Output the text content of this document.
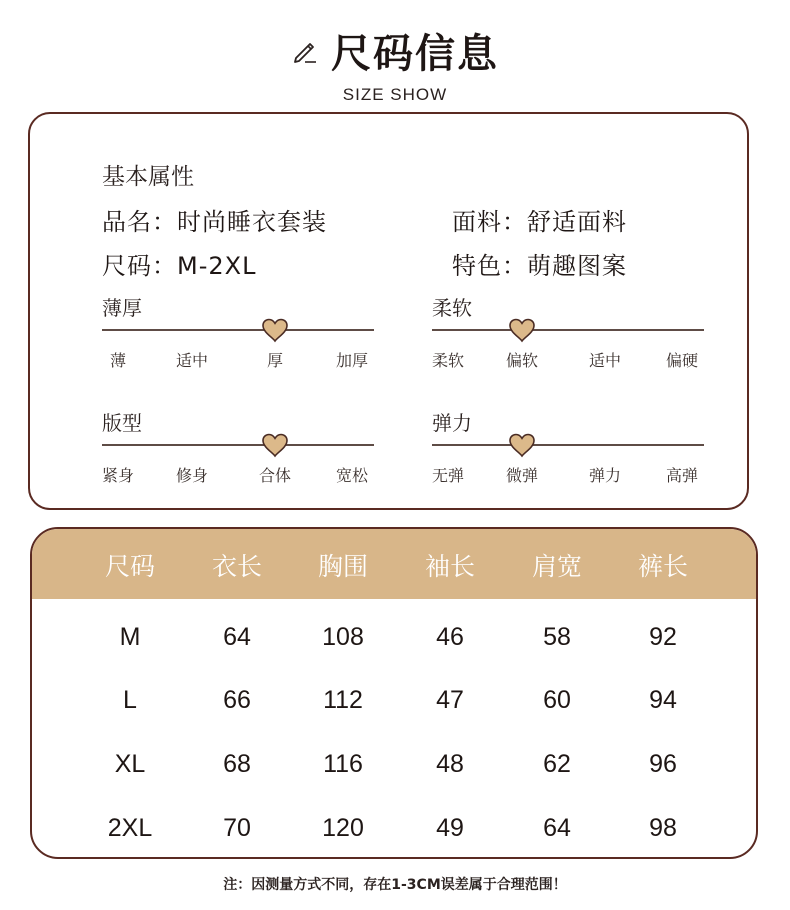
尺码信息
SIZE SHOW
基本属性
品名：时尚睡衣套装	面料：舒适面料
尺码：M-2XL	特色：萌趣图案
薄厚
薄	适中	厚	加厚
柔软
柔软	偏软	适中	偏硬
版型
紧身	修身	合体	宽松
弹力
无弹	微弹	弹力	高弹
尺码 衣长 胸围 袖长 肩宽 裤长
M	64	108	46	58	92
L	66	112	47	60	94
XL	68	116	48	62	96
2XL	70	120	49	64	98
注：因测量方式不同，存在1-3CM误差属于合理范围！
